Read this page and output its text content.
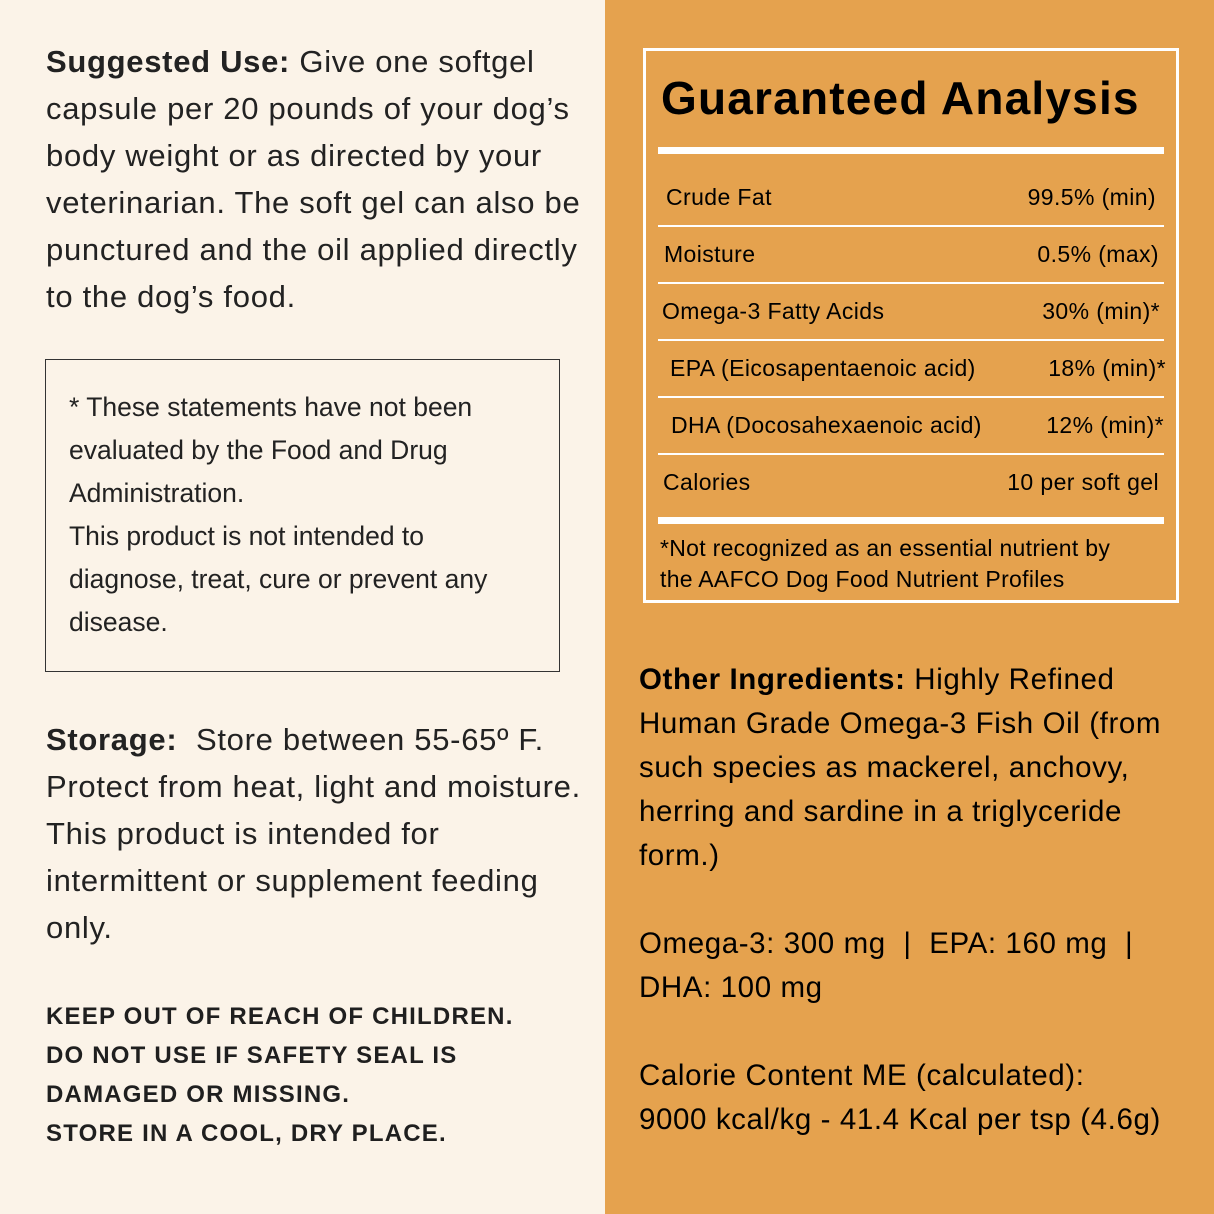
Suggested Use: Give one softgel capsule per 20 pounds of your dog’s body weight or as directed by your veterinarian. The soft gel can also be punctured and the oil applied directly to the dog’s food.
* These statements have not been evaluated by the Food and Drug Administration.
This product is not intended to diagnose, treat, cure or prevent any disease.
Storage:  Store between 55-65º F. Protect from heat, light and moisture. This product is intended for intermittent or supplement feeding only.
KEEP OUT OF REACH OF CHILDREN.
DO NOT USE IF SAFETY SEAL IS
DAMAGED OR MISSING.
STORE IN A COOL, DRY PLACE.
Guaranteed Analysis
Crude Fat	99.5% (min)
Moisture	0.5% (max)
Omega-3 Fatty Acids	30% (min)*
EPA (Eicosapentaenoic acid)	18% (min)*
DHA (Docosahexaenoic acid)	12% (min)*
Calories	10 per soft gel
*Not recognized as an essential nutrient by
the AAFCO Dog Food Nutrient Profiles
Other Ingredients: Highly Refined Human Grade Omega-3 Fish Oil (from such species as mackerel, anchovy, herring and sardine in a triglyceride form.)
Omega-3: 300 mg  |  EPA: 160 mg  |
DHA: 100 mg
Calorie Content ME (calculated):
9000 kcal/kg - 41.4 Kcal per tsp (4.6g)
